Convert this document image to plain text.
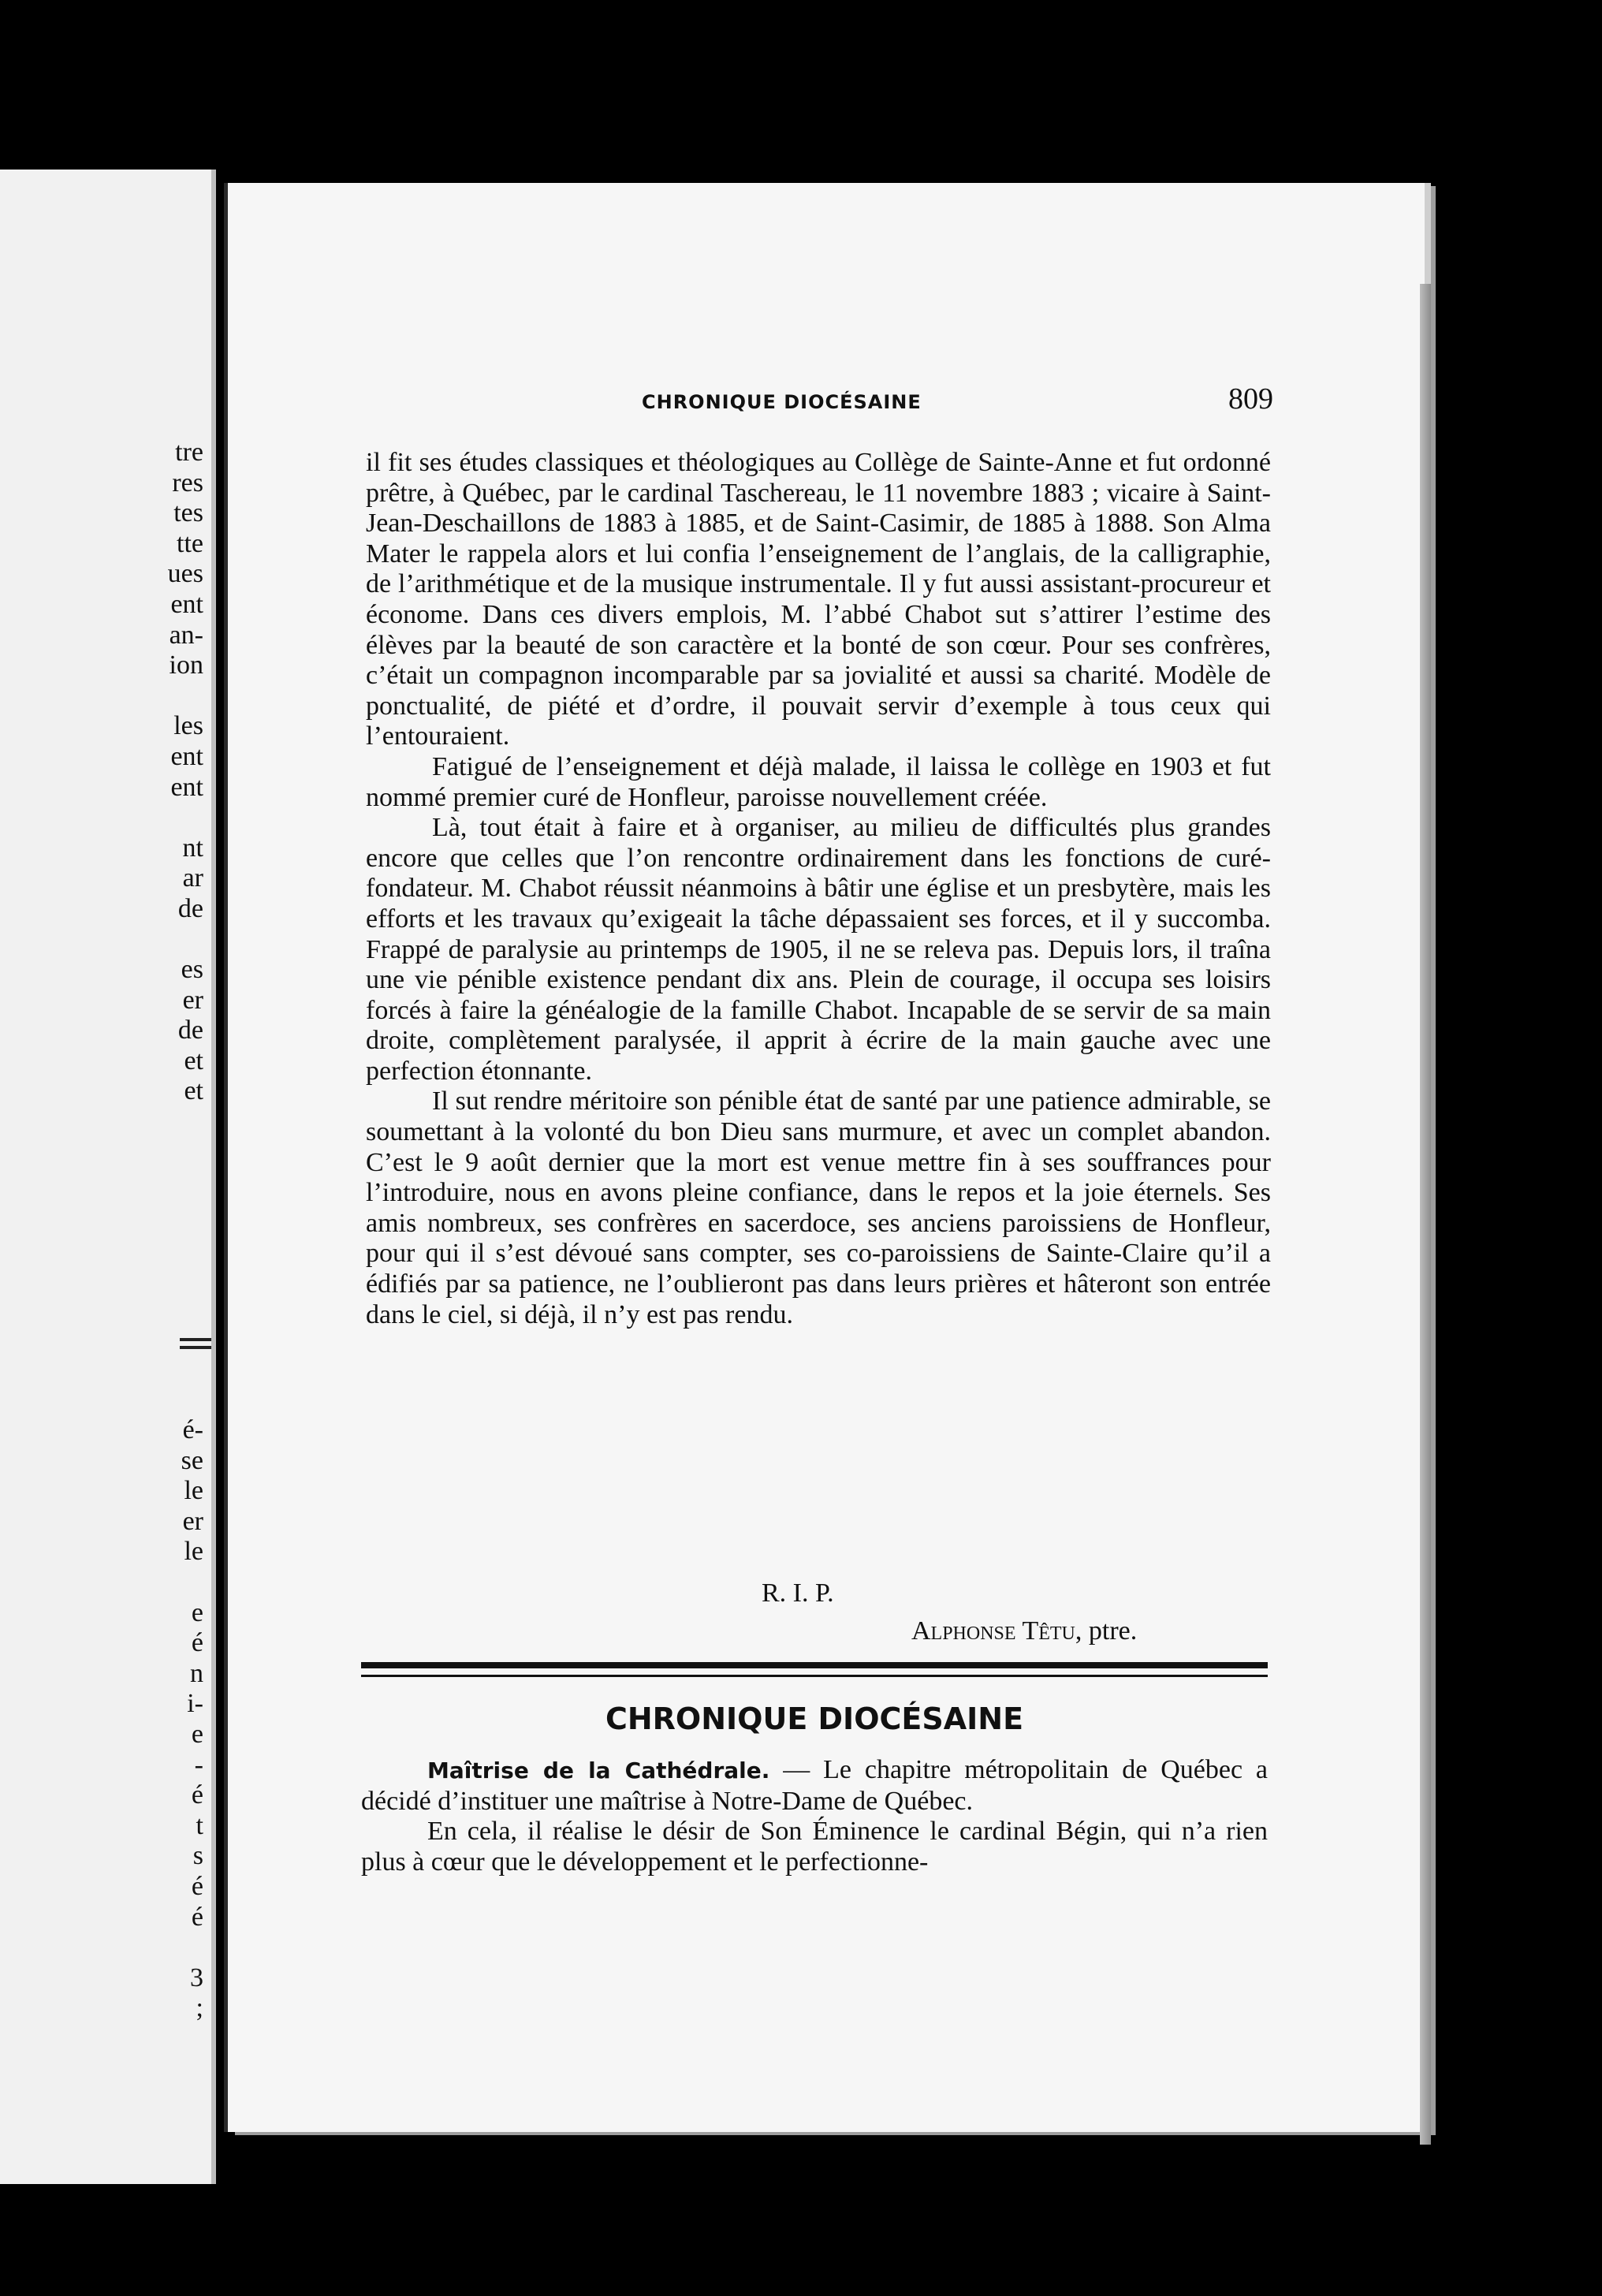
tre
res
tes
tte
ues
ent
an-
ion

les
ent
ent

nt
ar
de

es
er
de
et
et
é-
se
le
er
le

e
é
n
i-
e
-
é
t
s
é
é

3
;
CHRONIQUE DIOCÉSAINE	809

il fit ses études classiques et théologiques au Collège de Sainte-Anne et fut ordonné prêtre, à Québec, par le cardinal Taschereau, le 11 novembre 1883 ; vicaire à Saint-Jean-Deschaillons de 1883 à 1885, et de Saint-Casimir, de 1885 à 1888. Son Alma Mater le rappela alors et lui confia l’enseignement de l’anglais, de la calligraphie, de l’arithmétique et de la musique instrumentale. Il y fut aussi assistant-procureur et économe. Dans ces divers emplois, M. l’abbé Chabot sut s’attirer l’estime des élèves par la beauté de son caractère et la bonté de son cœur. Pour ses confrères, c’était un compagnon incomparable par sa jovialité et aussi sa charité. Modèle de ponctualité, de piété et d’ordre, il pouvait servir d’exemple à tous ceux qui l’entouraient.

Fatigué de l’enseignement et déjà malade, il laissa le collège en 1903 et fut nommé premier curé de Honfleur, paroisse nouvellement créée.

Là, tout était à faire et à organiser, au milieu de difficultés plus grandes encore que celles que l’on rencontre ordinairement dans les fonctions de curé-fondateur. M. Chabot réussit néanmoins à bâtir une église et un presbytère, mais les efforts et les travaux qu’exigeait la tâche dépassaient ses forces, et il y succomba. Frappé de paralysie au printemps de 1905, il ne se releva pas. Depuis lors, il traîna une vie pénible existence pendant dix ans. Plein de courage, il occupa ses loisirs forcés à faire la généalogie de la famille Chabot. Incapable de se servir de sa main droite, complètement paralysée, il apprit à écrire de la main gauche avec une perfection étonnante.

Il sut rendre méritoire son pénible état de santé par une patience admirable, se soumettant à la volonté du bon Dieu sans murmure, et avec un complet abandon. C’est le 9 août dernier que la mort est venue mettre fin à ses souffrances pour l’introduire, nous en avons pleine confiance, dans le repos et la joie éternels. Ses amis nombreux, ses confrères en sacerdoce, ses anciens paroissiens de Honfleur, pour qui il s’est dévoué sans compter, ses co-paroissiens de Sainte-Claire qu’il a édifiés par sa patience, ne l’oublieront pas dans leurs prières et hâteront son entrée dans le ciel, si déjà, il n’y est pas rendu.

R. I. P.
Alphonse Têtu, ptre.
CHRONIQUE DIOCÉSAINE

Maîtrise de la Cathédrale. — Le chapitre métropolitain de Québec a décidé d’instituer une maîtrise à Notre-Dame de Québec.

En cela, il réalise le désir de Son Éminence le cardinal Bégin, qui n’a rien plus à cœur que le développement et le perfectionne-
